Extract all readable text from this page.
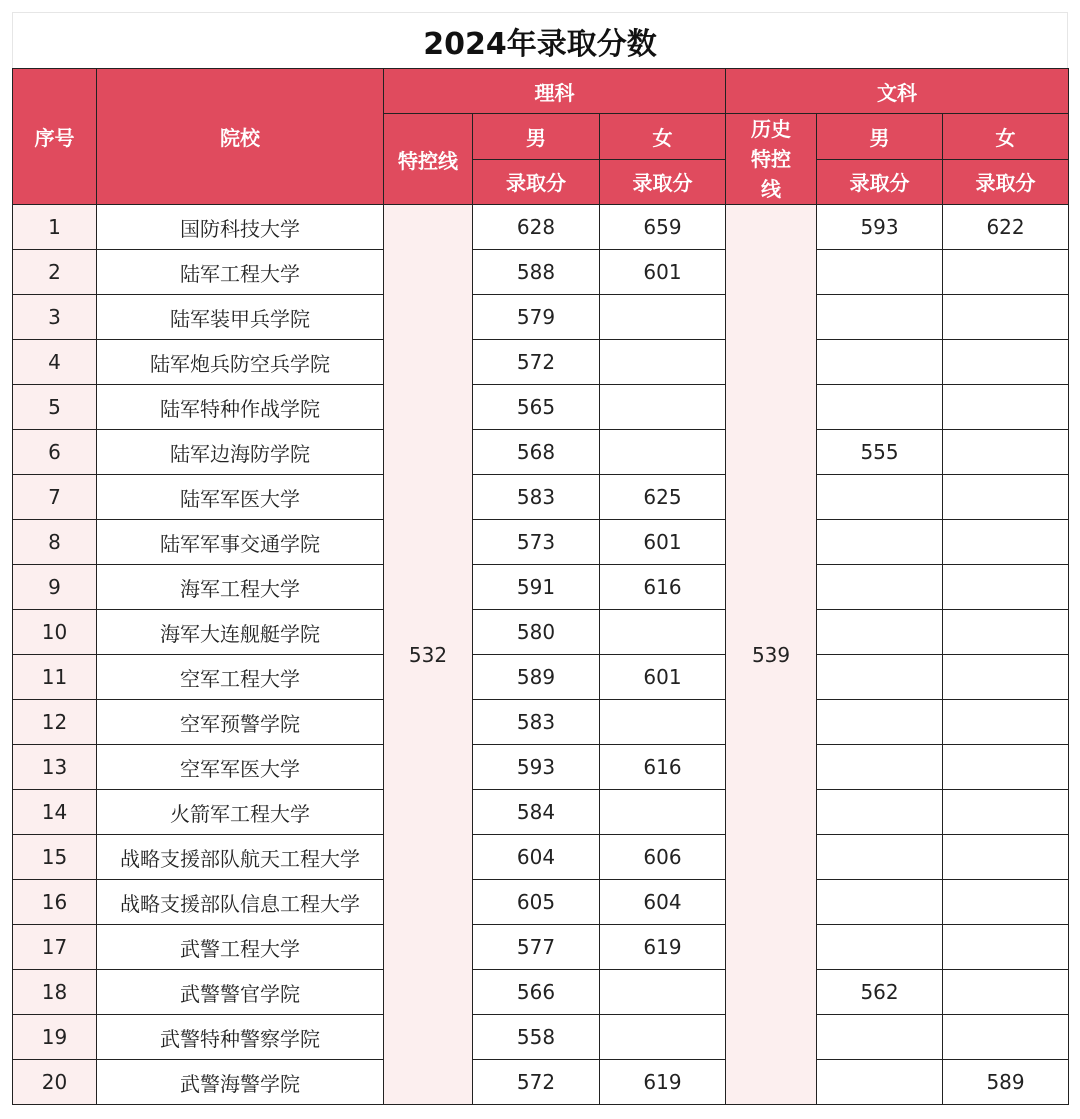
2024年录取分数
序号	院校	理科			文科		
		特控线	男	女	历史特控线	男	女
			录取分	录取分		录取分	录取分
1	国防科技大学	532	628	659	539	593	622
2	陆军工程大学		588	601			
3	陆军装甲兵学院		579				
4	陆军炮兵防空兵学院		572				
5	陆军特种作战学院		565				
6	陆军边海防学院		568			555	
7	陆军军医大学		583	625			
8	陆军军事交通学院		573	601			
9	海军工程大学		591	616			
10	海军大连舰艇学院		580				
11	空军工程大学		589	601			
12	空军预警学院		583				
13	空军军医大学		593	616			
14	火箭军工程大学		584				
15	战略支援部队航天工程大学		604	606			
16	战略支援部队信息工程大学		605	604			
17	武警工程大学		577	619			
18	武警警官学院		566			562	
19	武警特种警察学院		558				
20	武警海警学院		572	619			589
